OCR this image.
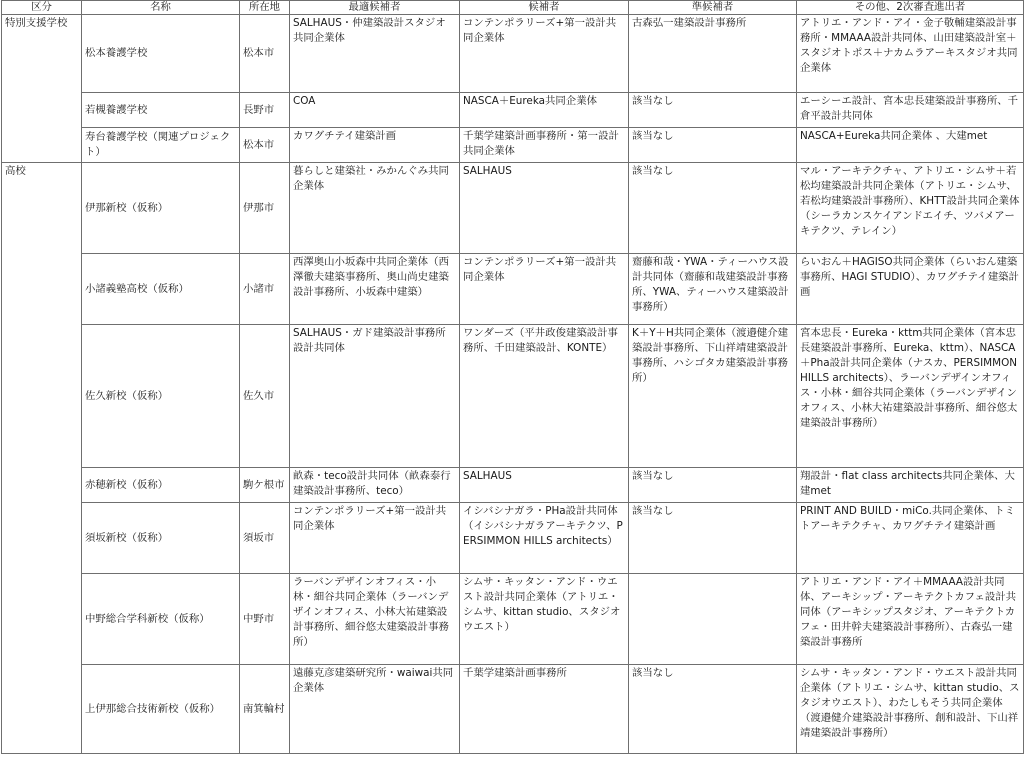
区分	名称	所在地	最適候補者	候補者	準候補者	その他、2次審査進出者
特別支援学校	松本養護学校	松本市	SALHAUS・仲建築設計スタジオ共同企業体	コンテンポラリーズ+第一設計共同企業体	古森弘一建築設計事務所	アトリエ・アンド・アイ・金子敬輔建築設計事務所・MMAAA設計共同体、山田建築設計室＋スタジオトポス＋ナカムラアーキスタジオ共同企業体
	若槻養護学校	長野市	COA	NASCA＋Eureka共同企業体	該当なし	エーシーエ設計、宮本忠長建築設計事務所、千倉平設計共同体
	寿台養護学校（関連プロジェクト）	松本市	カワグチテイ建築計画	千葉学建築計画事務所・第一設計共同企業体	該当なし	NASCA+Eureka共同企業体 、大建met
高校	伊那新校（仮称）	伊那市	暮らしと建築社・みかんぐみ共同企業体	SALHAUS	該当なし	マル・アーキテクチャ、アトリエ・シムサ＋若松均建築設計共同企業体（アトリエ・シムサ、若松均建築設計事務所）、KHTT設計共同企業体（シーラカンスケイアンドエイチ、ツバメアーキテクツ、テレイン）
	小諸義塾高校（仮称）	小諸市	西澤奥山小坂森中共同企業体（西澤徹夫建築事務所、奥山尚史建築設計事務所、小坂森中建築）	コンテンポラリーズ+第一設計共同企業体	齋藤和哉・YWA・ティーハウス設計共同体（齋藤和哉建築設計事務所、YWA、ティーハウス建築設計事務所）	らいおん＋HAGISO共同企業体（らいおん建築事務所、HAGI STUDIO）、カワグチテイ建築計画
	佐久新校（仮称）	佐久市	SALHAUS・ガド建築設計事務所設計共同体	ワンダーズ（平井政俊建築設計事務所、千田建築設計、KONTE）	K＋Y＋H共同企業体（渡邉健介建築設計事務所、下山祥靖建築設計事務所、ハシゴタカ建築設計事務所）	宮本忠長・Eureka・kttm共同企業体（宮本忠長建築設計事務所、Eureka、kttm）、NASCA＋Pha設計共同企業体（ナスカ、PERSIMMON HILLS architects）、ラーバンデザインオフィス・小林・細谷共同企業体（ラーバンデザインオフィス、小林大祐建築設計事務所、細谷悠太建築設計事務所）
	赤穂新校（仮称）	駒ケ根市	畝森・teco設計共同体（畝森泰行建築設計事務所、teco）	SALHAUS	該当なし	翔設計・flat class architects共同企業体、大建met
	須坂新校（仮称）	須坂市	コンテンポラリーズ+第一設計共同企業体	イシバシナガラ・PHa設計共同体（イシバシナガラアーキテクツ、PERSIMMON HILLS architects）	該当なし	PRINT AND BUILD・miCo.共同企業体、トミトアーキテクチャ、カワグチテイ建築計画
	中野総合学科新校（仮称）	中野市	ラーバンデザインオフィス・小林・細谷共同企業体（ラーバンデザインオフィス、小林大祐建築設計事務所、細谷悠太建築設計事務所）	シムサ・キッタン・アンド・ウエスト設計共同企業体（アトリエ・シムサ、kittan studio、スタジオウエスト）		アトリエ・アンド・アイ＋MMAAA設計共同体、アーキシップ・アーキテクトカフェ設計共同体（アーキシップスタジオ、アーキテクトカフェ・田井幹夫建築設計事務所）、古森弘一建築設計事務所
	上伊那総合技術新校（仮称）	南箕輪村	遠藤克彦建築研究所・waiwai共同企業体	千葉学建築計画事務所	該当なし	シムサ・キッタン・アンド・ウエスト設計共同企業体（アトリエ・シムサ、kittan studio、スタジオウエスト）、わたしもそう共同企業体（渡邉健介建築設計事務所、創和設計、下山祥靖建築設計事務所）
